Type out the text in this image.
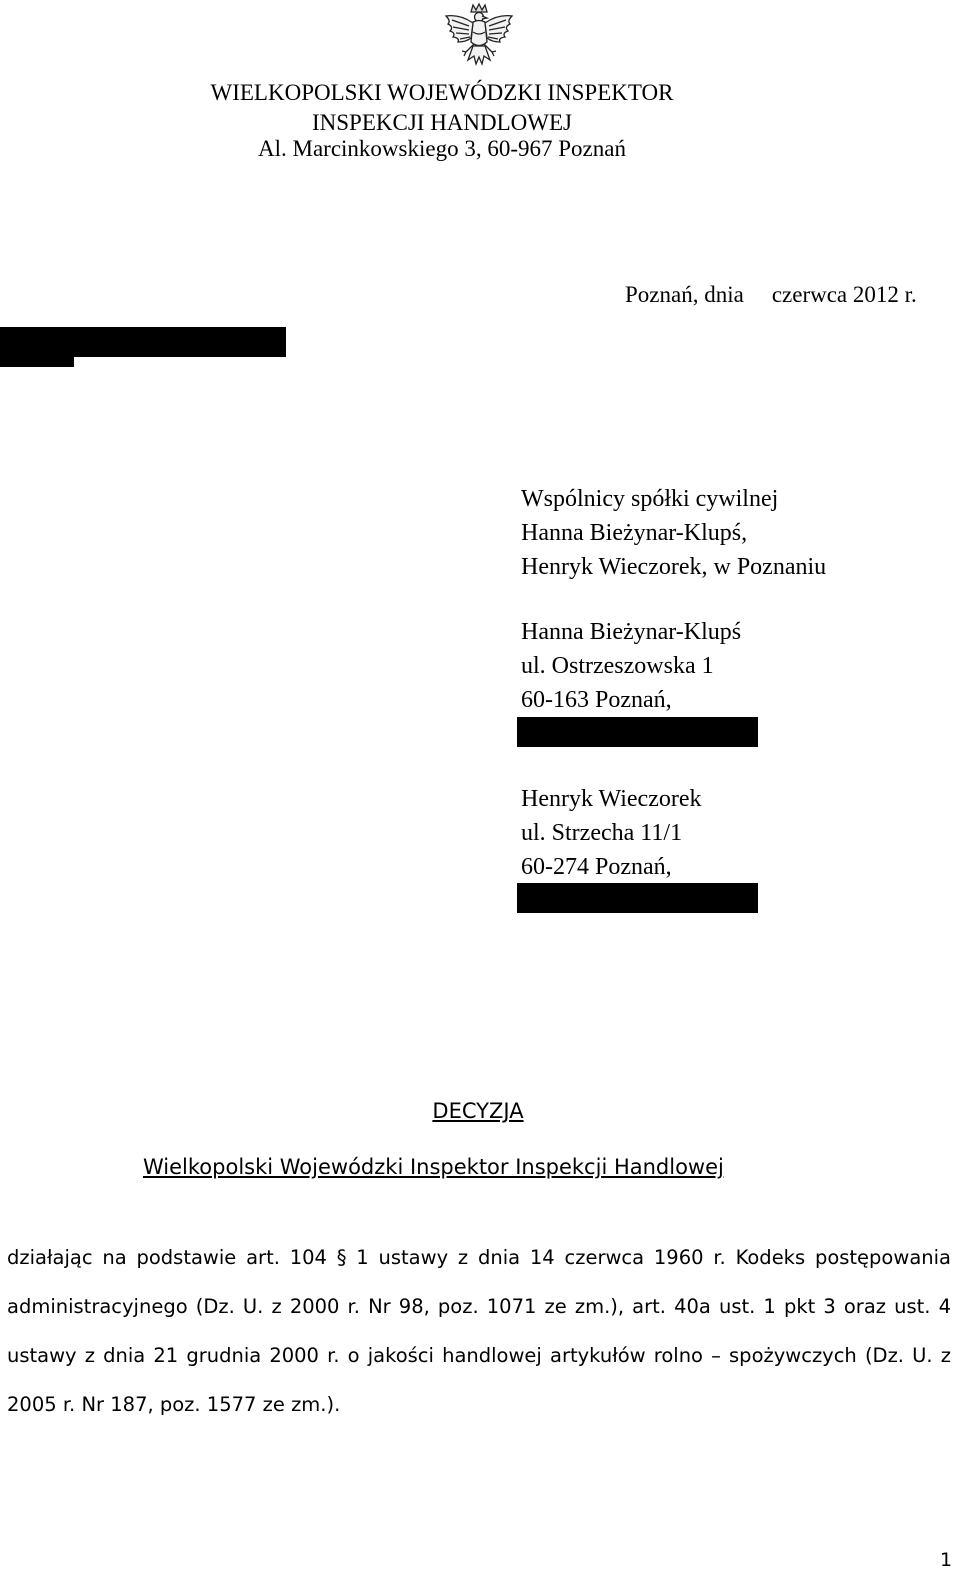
WIELKOPOLSKI WOJEWÓDZKI INSPEKTOR
INSPEKCJI HANDLOWEJ
Al. Marcinkowskiego 3, 60-967 Poznań
Poznań, dnia czerwca 2012 r.
Wspólnicy spółki cywilnej
Hanna Bieżynar-Klupś,
Henryk Wieczorek, w Poznaniu
Hanna Bieżynar-Klupś
ul. Ostrzeszowska 1
60-163 Poznań,
Henryk Wieczorek
ul. Strzecha 11/1
60-274 Poznań,
DECYZJA
Wielkopolski Wojewódzki Inspektor Inspekcji Handlowej
działając na podstawie art. 104 § 1 ustawy z dnia 14 czerwca 1960 r. Kodeks postępowania administracyjnego (Dz. U. z 2000 r. Nr 98, poz. 1071 ze zm.), art. 40a ust. 1 pkt 3 oraz ust. 4 ustawy z dnia 21 grudnia 2000 r. o jakości handlowej artykułów rolno – spożywczych (Dz. U. z 2005 r. Nr 187, poz. 1577 ze zm.).
1
